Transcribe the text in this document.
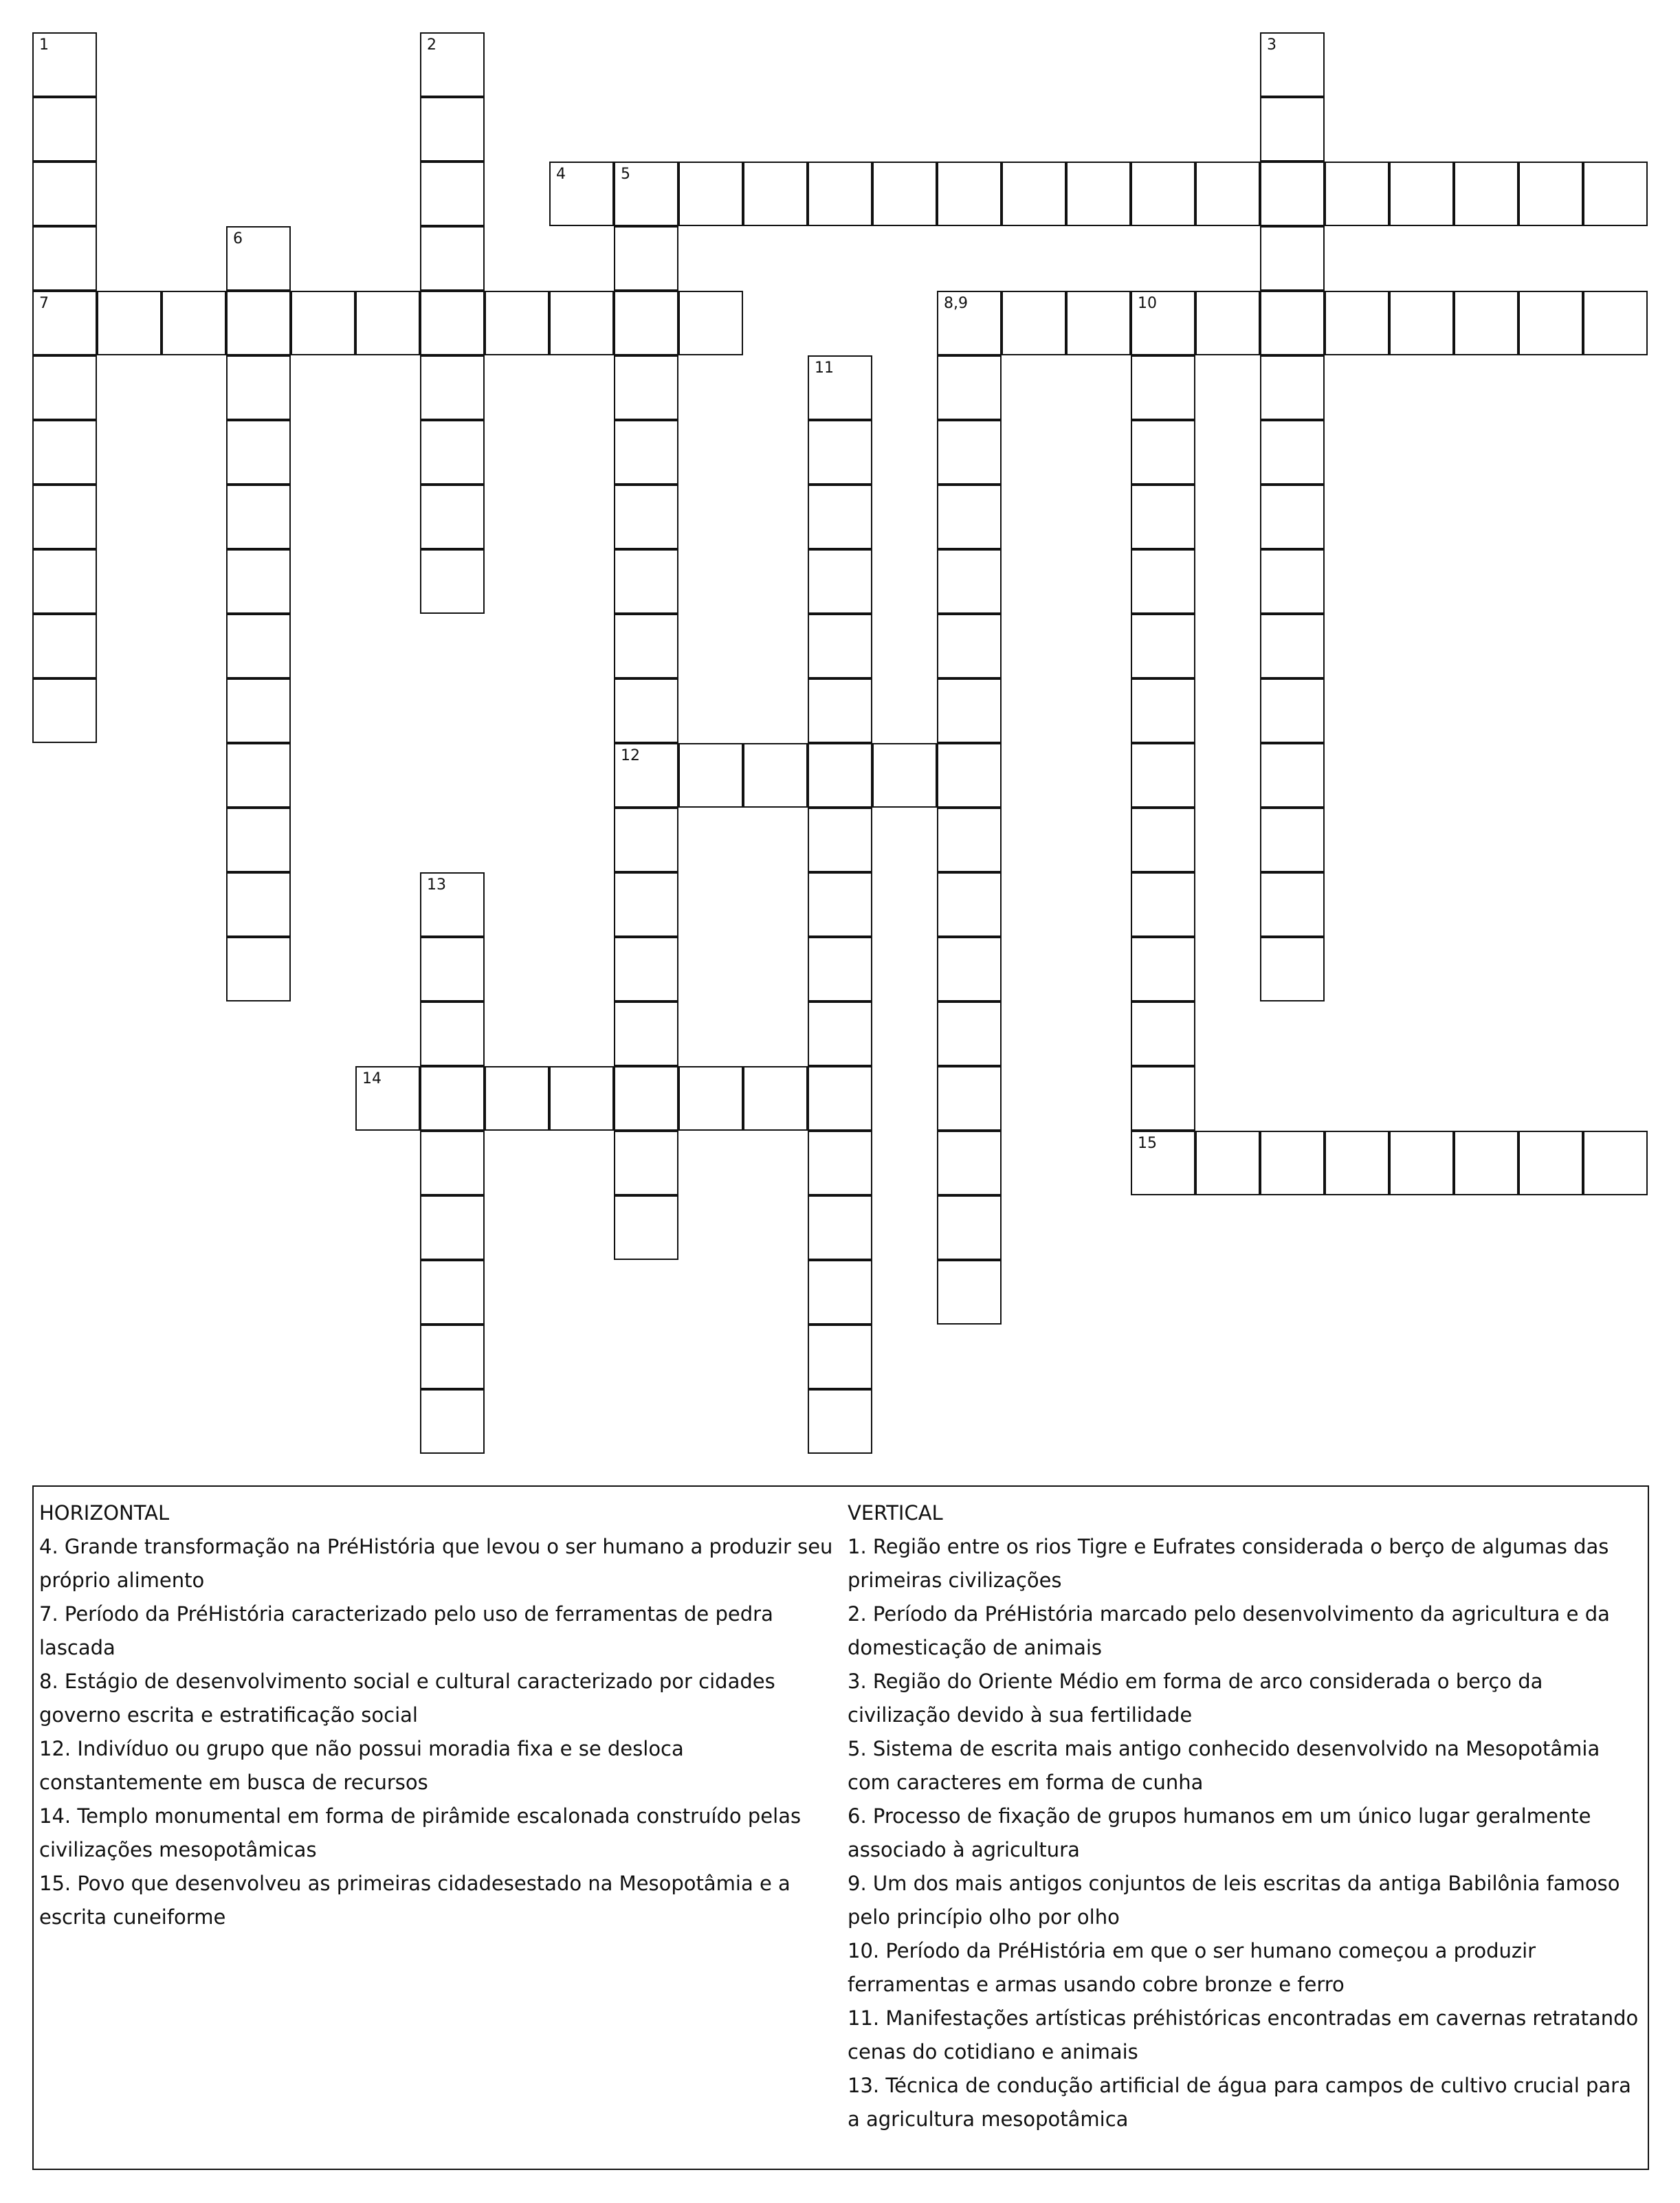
1
7
2	3
4	5
12
6
8,9	10
11
13
14
15
HORIZONTAL
4. Grande transformação na PréHistória que levou o ser humano a produzir seu próprio alimento
7. Período da PréHistória caracterizado pelo uso de ferramentas de pedra lascada
8. Estágio de desenvolvimento social e cultural caracterizado por cidades governo escrita e estratificação social
12. Indivíduo ou grupo que não possui moradia fixa e se desloca constantemente em busca de recursos
14. Templo monumental em forma de pirâmide escalonada construído pelas civilizações mesopotâmicas
15. Povo que desenvolveu as primeiras cidadesestado na Mesopotâmia e a escrita cuneiforme
VERTICAL
1. Região entre os rios Tigre e Eufrates considerada o berço de algumas das primeiras civilizações
2. Período da PréHistória marcado pelo desenvolvimento da agricultura e da domesticação de animais
3. Região do Oriente Médio em forma de arco considerada o berço da civilização devido à sua fertilidade
5. Sistema de escrita mais antigo conhecido desenvolvido na Mesopotâmia com caracteres em forma de cunha
6. Processo de fixação de grupos humanos em um único lugar geralmente associado à agricultura
9. Um dos mais antigos conjuntos de leis escritas da antiga Babilônia famoso pelo princípio olho por olho
10. Período da PréHistória em que o ser humano começou a produzir ferramentas e armas usando cobre bronze e ferro
11. Manifestações artísticas préhistóricas encontradas em cavernas retratando cenas do cotidiano e animais
13. Técnica de condução artificial de água para campos de cultivo crucial para a agricultura mesopotâmica
